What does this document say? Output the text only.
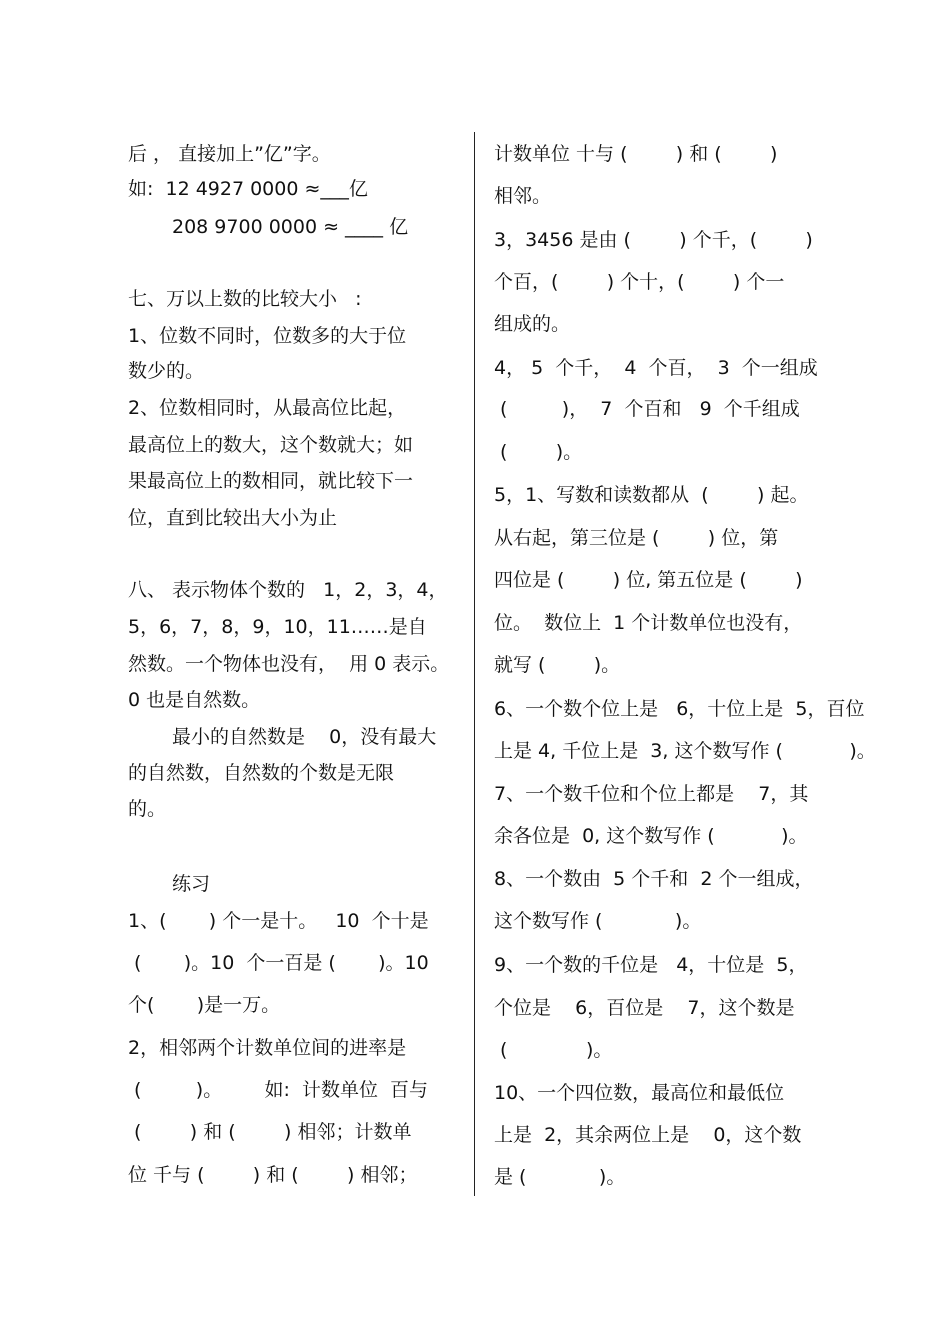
后 ， 直接加上”亿”字。
如:  12 4927 0000 ≈___亿
208 9700 0000 ≈ ____ 亿
七、万以上数的比较大小   :
1、位数不同时，位数多的大于位
数少的。
2、位数相同时，从最高位比起，
最高位上的数大，这个数就大；如
果最高位上的数相同，就比较下一
位，直到比较出大小为止
八、 表示物体个数的   1，2，3，4，
5，6，7，8，9，10，11……是自
然数。一个物体也没有，  用 0 表示。
0 也是自然数。
最小的自然数是    0，没有最大
的自然数，自然数的个数是无限
的。
练习
1、(       ) 个一是十。   10  个十是
(       )。10  个一百是 (       )。10
个(       )是一万。
2，相邻两个计数单位间的进率是
(         )。       如:  计数单位  百与
(        ) 和 (        ) 相邻；计数单
位 千与 (        ) 和 (        ) 相邻；
计数单位 十与 (        ) 和 (        )
相邻。
3，3456 是由 (        ) 个千，(        )
个百，(        ) 个十，(        ) 个一
组成的。
4， 5  个千，  4  个百，  3  个一组成
(         )，  7  个百和   9  个千组成
(        )。
5，1、写数和读数都从  (        ) 起。
从右起，第三位是 (        ) 位，第
四位是 (        ) 位, 第五位是 (        )
位。  数位上  1 个计数单位也没有，
就写 (        )。
6、一个数个位上是   6，十位上是  5，百位
上是 4, 千位上是  3, 这个数写作 (           )。
7、一个数千位和个位上都是    7，其
余各位是  0, 这个数写作 (           )。
8、一个数由  5 个千和  2 个一组成，
这个数写作 (            )。
9、一个数的千位是   4，十位是  5，
个位是    6，百位是    7，这个数是
(             )。
10、一个四位数，最高位和最低位
上是  2，其余两位上是    0，这个数
是 (            )。
